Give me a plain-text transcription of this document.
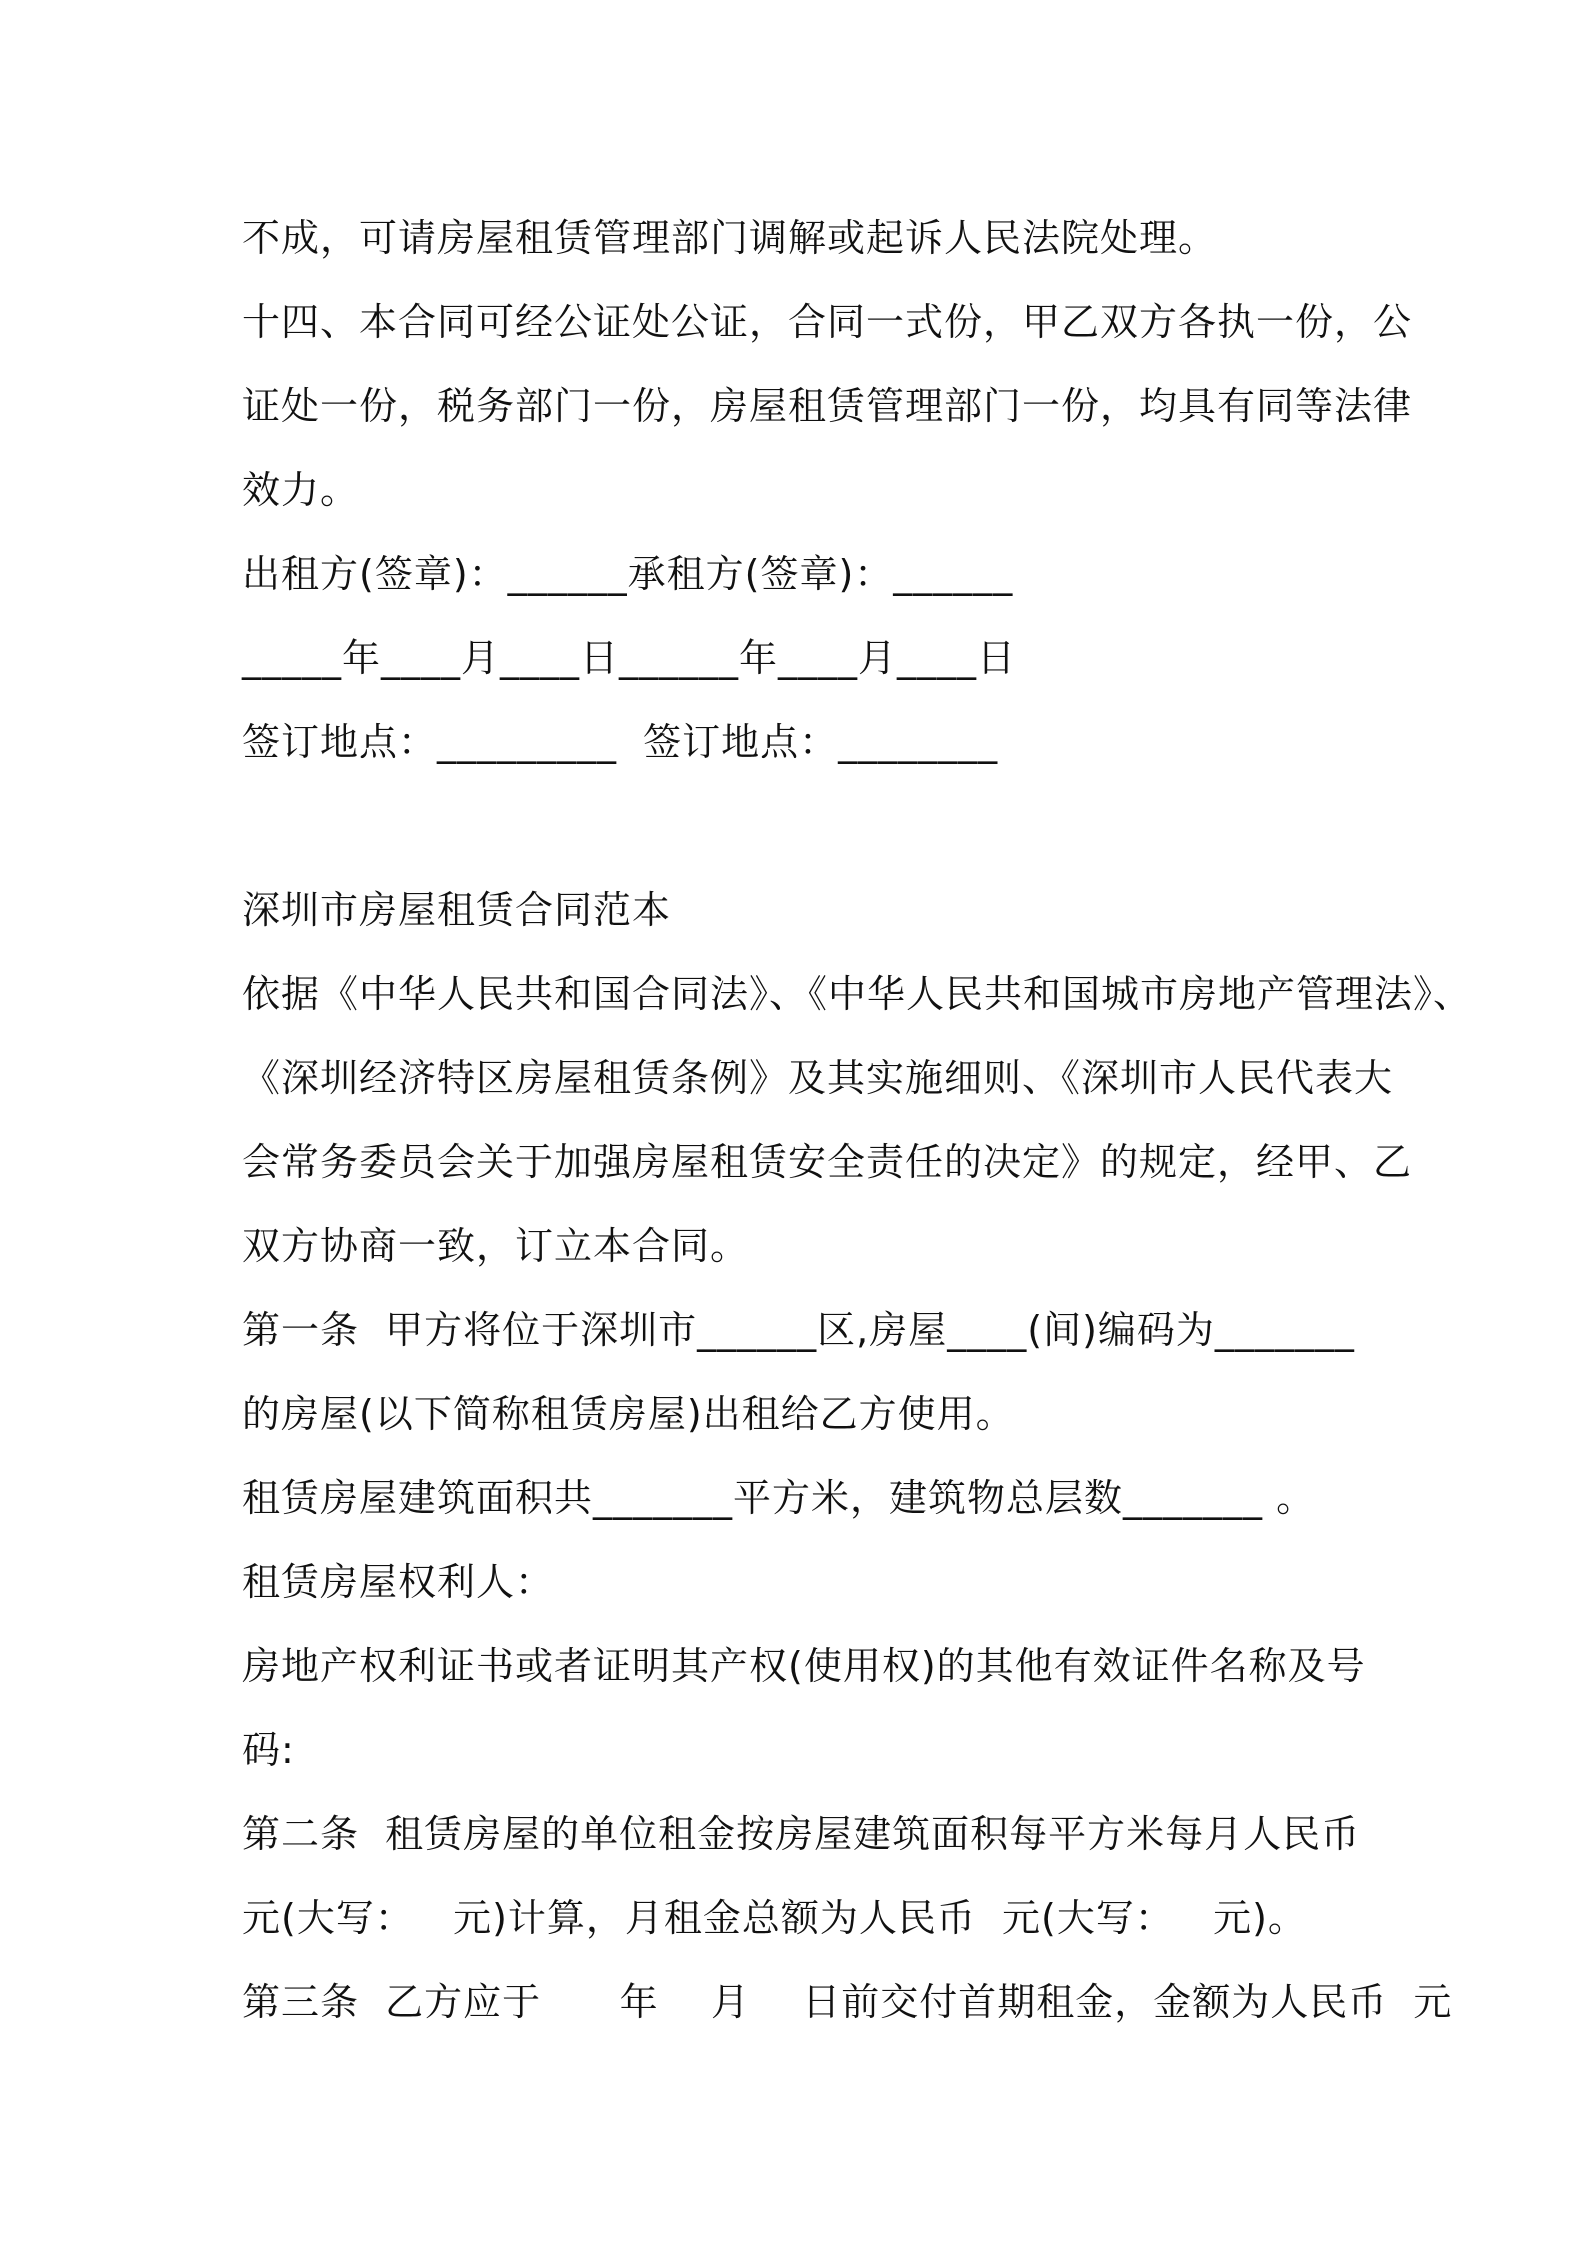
不成，可请房屋租赁管理部门调解或起诉人民法院处理。
十四、本合同可经公证处公证，合同一式份，甲乙双方各执一份，公
证处一份，税务部门一份，房屋租赁管理部门一份，均具有同等法律
效力。
出租方(签章)：______承租方(签章)：______
_____年____月____日______年____月____日
签订地点：_________  签订地点：________
深圳市房屋租赁合同范本
依据《中华人民共和国合同法》、《中华人民共和国城市房地产管理法》、
《深圳经济特区房屋租赁条例》及其实施细则、《深圳市人民代表大
会常务委员会关于加强房屋租赁安全责任的决定》的规定，经甲、乙
双方协商一致，订立本合同。
第一条  甲方将位于深圳市______区,房屋____(间)编码为_______
的房屋(以下简称租赁房屋)出租给乙方使用。
租赁房屋建筑面积共_______平方米，建筑物总层数_______ 。
租赁房屋权利人：
房地产权利证书或者证明其产权(使用权)的其他有效证件名称及号
码:
第二条  租赁房屋的单位租金按房屋建筑面积每平方米每月人民币
元(大写：   元)计算，月租金总额为人民币  元(大写：   元)。
第三条  乙方应于      年    月    日前交付首期租金，金额为人民币  元
